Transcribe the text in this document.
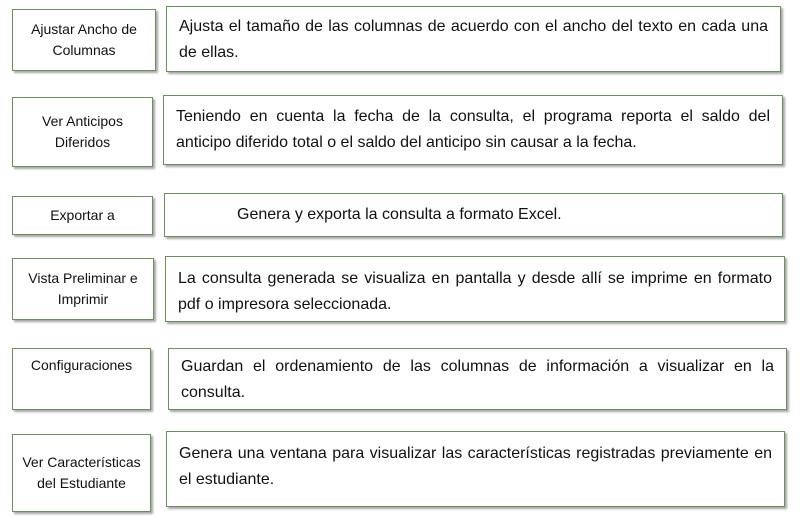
Ajustar Ancho de Columnas
Ajusta el tamaño de las columnas de acuerdo con el ancho del texto en cada una de ellas.
Ver Anticipos Diferidos
Teniendo en cuenta la fecha de la consulta, el programa reporta el saldo del anticipo diferido total o el saldo del anticipo sin causar a la fecha.
Exportar a	Genera y exporta la consulta a formato Excel.
Vista Preliminar e Imprimir
La consulta generada se visualiza en pantalla y desde allí se imprime en formato pdf o impresora seleccionada.
Configuraciones	Guardan el ordenamiento de las columnas de información a visualizar en la consulta.
Ver Características del Estudiante
Genera una ventana para visualizar las características registradas previamente en el estudiante.
